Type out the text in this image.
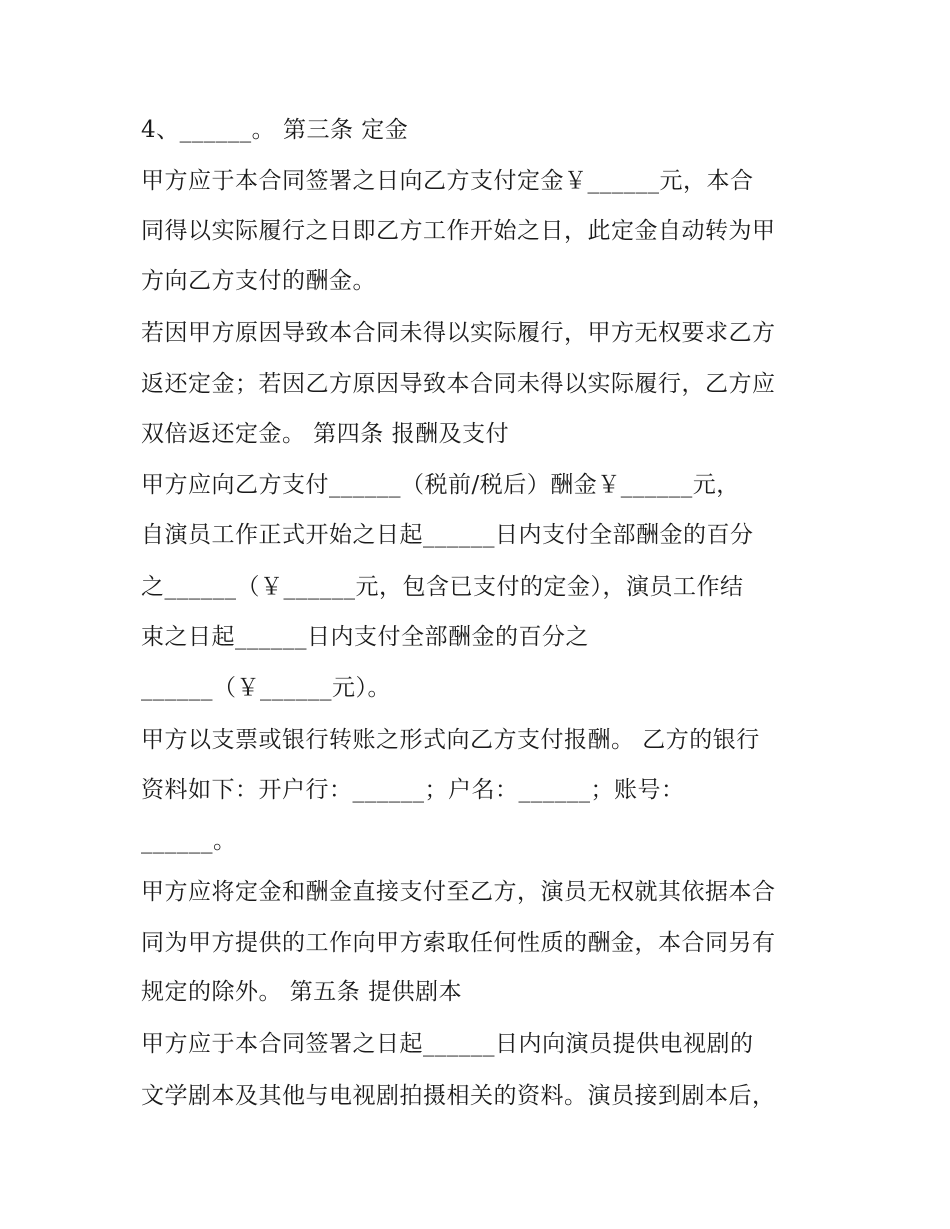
4、______。 第三条 定金
甲方应于本合同签署之日向乙方支付定金￥______元，本合
同得以实际履行之日即乙方工作开始之日，此定金自动转为甲
方向乙方支付的酬金。
若因甲方原因导致本合同未得以实际履行，甲方无权要求乙方
返还定金；若因乙方原因导致本合同未得以实际履行，乙方应
双倍返还定金。 第四条 报酬及支付
甲方应向乙方支付______（税前/税后）酬金￥______元，
自演员工作正式开始之日起______日内支付全部酬金的百分
之______（￥______元，包含已支付的定金），演员工作结
束之日起______日内支付全部酬金的百分之
______（￥______元）。
甲方以支票或银行转账之形式向乙方支付报酬。 乙方的银行
资料如下：开户行：______；户名：______；账号：
______。
甲方应将定金和酬金直接支付至乙方，演员无权就其依据本合
同为甲方提供的工作向甲方索取任何性质的酬金，本合同另有
规定的除外。 第五条 提供剧本
甲方应于本合同签署之日起______日内向演员提供电视剧的
文学剧本及其他与电视剧拍摄相关的资料。演员接到剧本后，
